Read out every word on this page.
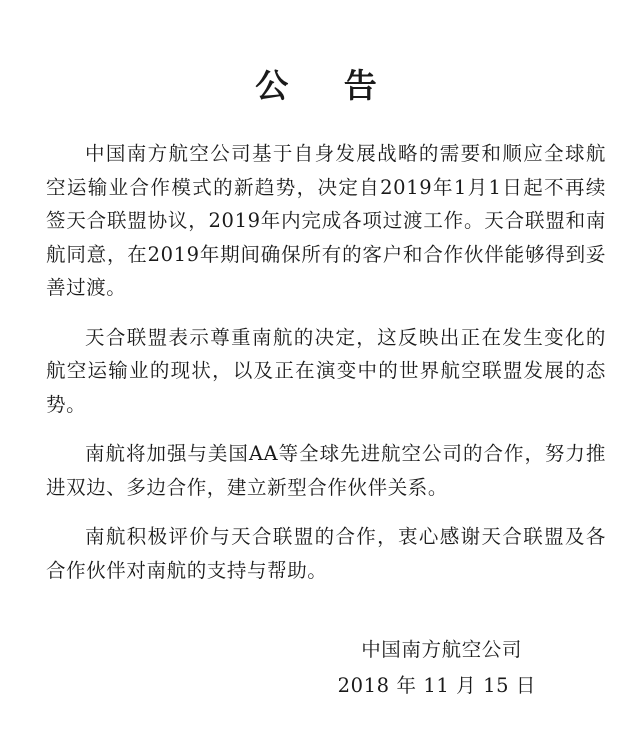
公 告

中国南方航空公司基于自身发展战略的需要和顺应全球航空运输业合作模式的新趋势，决定自2019年1月1日起不再续签天合联盟协议，2019年内完成各项过渡工作。天合联盟和南航同意，在2019年期间确保所有的客户和合作伙伴能够得到妥善过渡。

天合联盟表示尊重南航的决定，这反映出正在发生变化的航空运输业的现状，以及正在演变中的世界航空联盟发展的态势。

南航将加强与美国AA等全球先进航空公司的合作，努力推进双边、多边合作，建立新型合作伙伴关系。

南航积极评价与天合联盟的合作，衷心感谢天合联盟及各合作伙伴对南航的支持与帮助。

中国南方航空公司
2018 年 11 月 15 日
